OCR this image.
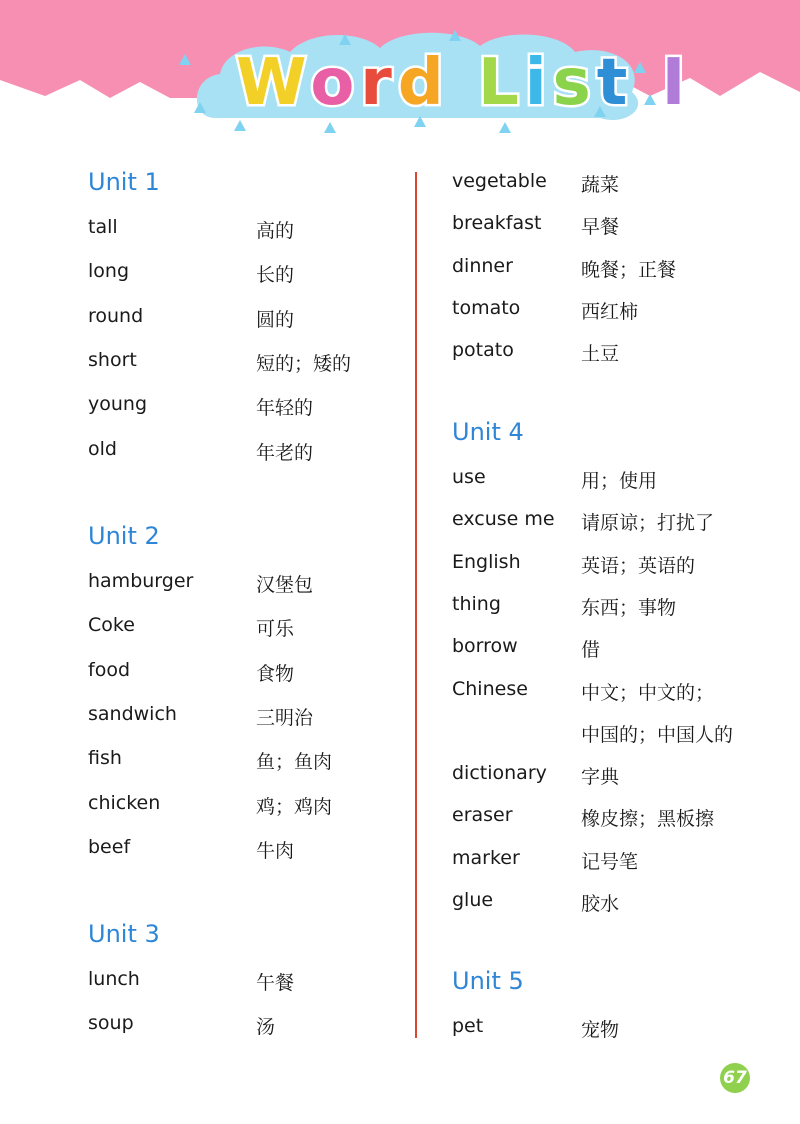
Word List I
Unit 1
tall	高的
long	长的
round	圆的
short	短的；矮的
young	年轻的
old	年老的
Unit 2
hamburger	汉堡包
Coke	可乐
food	食物
sandwich	三明治
fish	鱼；鱼肉
chicken	鸡；鸡肉
beef	牛肉
Unit 3
lunch	午餐
soup	汤
vegetable 蔬菜
breakfast 早餐
dinner	晚餐；正餐
tomato	西红柿
potato	土豆
Unit 4
use	用；使用
excuse me 请原谅；打扰了
English	英语；英语的
thing	东西；事物
borrow	借
Chinese	中文；中文的；
中国的；中国人的
dictionary 字典
eraser	橡皮擦；黑板擦
marker	记号笔
glue	胶水
Unit 5
pet	宠物
67
